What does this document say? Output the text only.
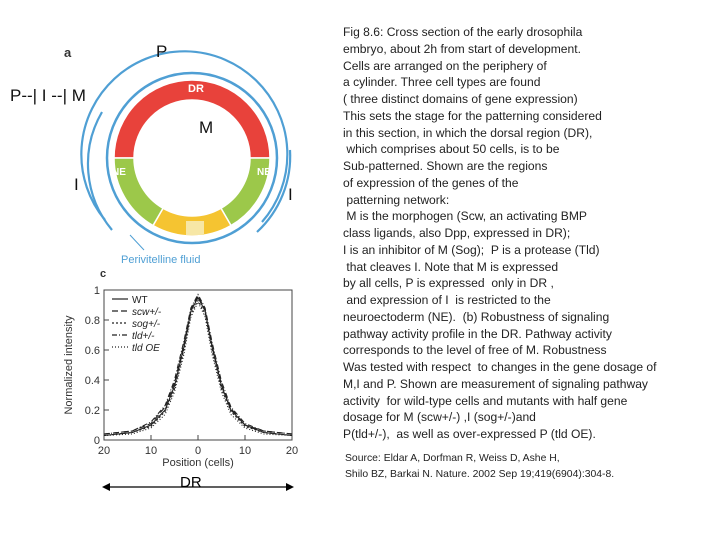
DR
NE	NE
Perivitelline fluid
1
0.8
0.6
0.4
0.2
0
20	10	0	10	20
Position (cells)
Normalized intensity
WT
scw+/-
sog+/-
tld+/-
tld OE
a
c
P
P--| I --| M
M
I
I
DR
Fig 8.6: Cross section of the early drosophila
embryo, about 2h from start of development.
Cells are arranged on the periphery of
a cylinder. Three cell types are found
( three distinct domains of gene expression)
This sets the stage for the patterning considered
in this section, in which the dorsal region (DR),
which comprises about 50 cells, is to be
Sub-patterned. Shown are the regions
of expression of the genes of the
patterning network:
M is the morphogen (Scw, an activating BMP
class ligands, also Dpp, expressed in DR);
I is an inhibitor of M (Sog);  P is a protease (Tld)
that cleaves I. Note that M is expressed
by all cells, P is expressed  only in DR ,
and expression of I  is restricted to the
neuroectoderm (NE).  (b) Robustness of signaling
pathway activity profile in the DR. Pathway activity
corresponds to the level of free of M. Robustness
Was tested with respect  to changes in the gene dosage of
M,I and P. Shown are measurement of signaling pathway
activity  for wild-type cells and mutants with half gene
dosage for M (scw+/-) ,I (sog+/-)and
P(tld+/-),  as well as over-expressed P (tld OE).
Source: Eldar A, Dorfman R, Weiss D, Ashe H,
Shilo BZ, Barkai N. Nature. 2002 Sep 19;419(6904):304-8.
